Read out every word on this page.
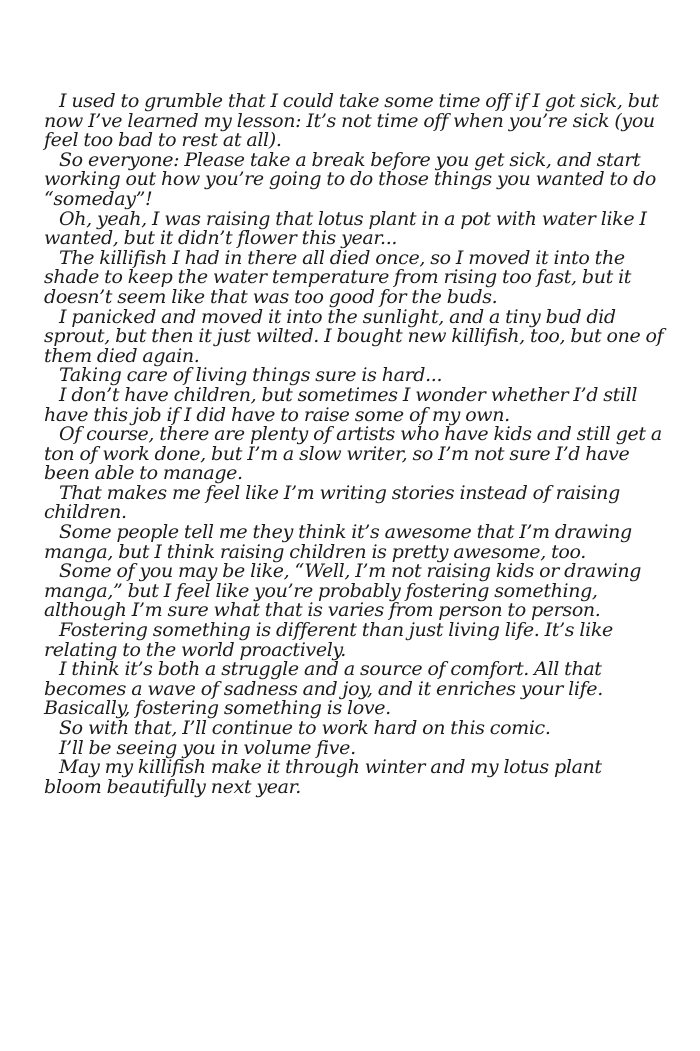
I used to grumble that I could take some time off if I got sick, but now I’ve learned my lesson: It’s not time off when you’re sick (you feel too bad to rest at all).

So everyone: Please take a break before you get sick, and start working out how you’re going to do those things you wanted to do “someday”!

Oh, yeah, I was raising that lotus plant in a pot with water like I wanted, but it didn’t flower this year...

The killifish I had in there all died once, so I moved it into the shade to keep the water temperature from rising too fast, but it doesn’t seem like that was too good for the buds.

I panicked and moved it into the sunlight, and a tiny bud did sprout, but then it just wilted. I bought new killifish, too, but one of them died again.

Taking care of living things sure is hard...

I don’t have children, but sometimes I wonder whether I’d still have this job if I did have to raise some of my own.

Of course, there are plenty of artists who have kids and still get a ton of work done, but I’m a slow writer, so I’m not sure I’d have been able to manage.

That makes me feel like I’m writing stories instead of raising children.

Some people tell me they think it’s awesome that I’m drawing manga, but I think raising children is pretty awesome, too.

Some of you may be like, “Well, I’m not raising kids or drawing manga,” but I feel like you’re probably fostering something, although I’m sure what that is varies from person to person.

Fostering something is different than just living life. It’s like relating to the world proactively.

I think it’s both a struggle and a source of comfort. All that becomes a wave of sadness and joy, and it enriches your life. Basically, fostering something is love.

So with that, I’ll continue to work hard on this comic.

I’ll be seeing you in volume five.

May my killifish make it through winter and my lotus plant bloom beautifully next year.
